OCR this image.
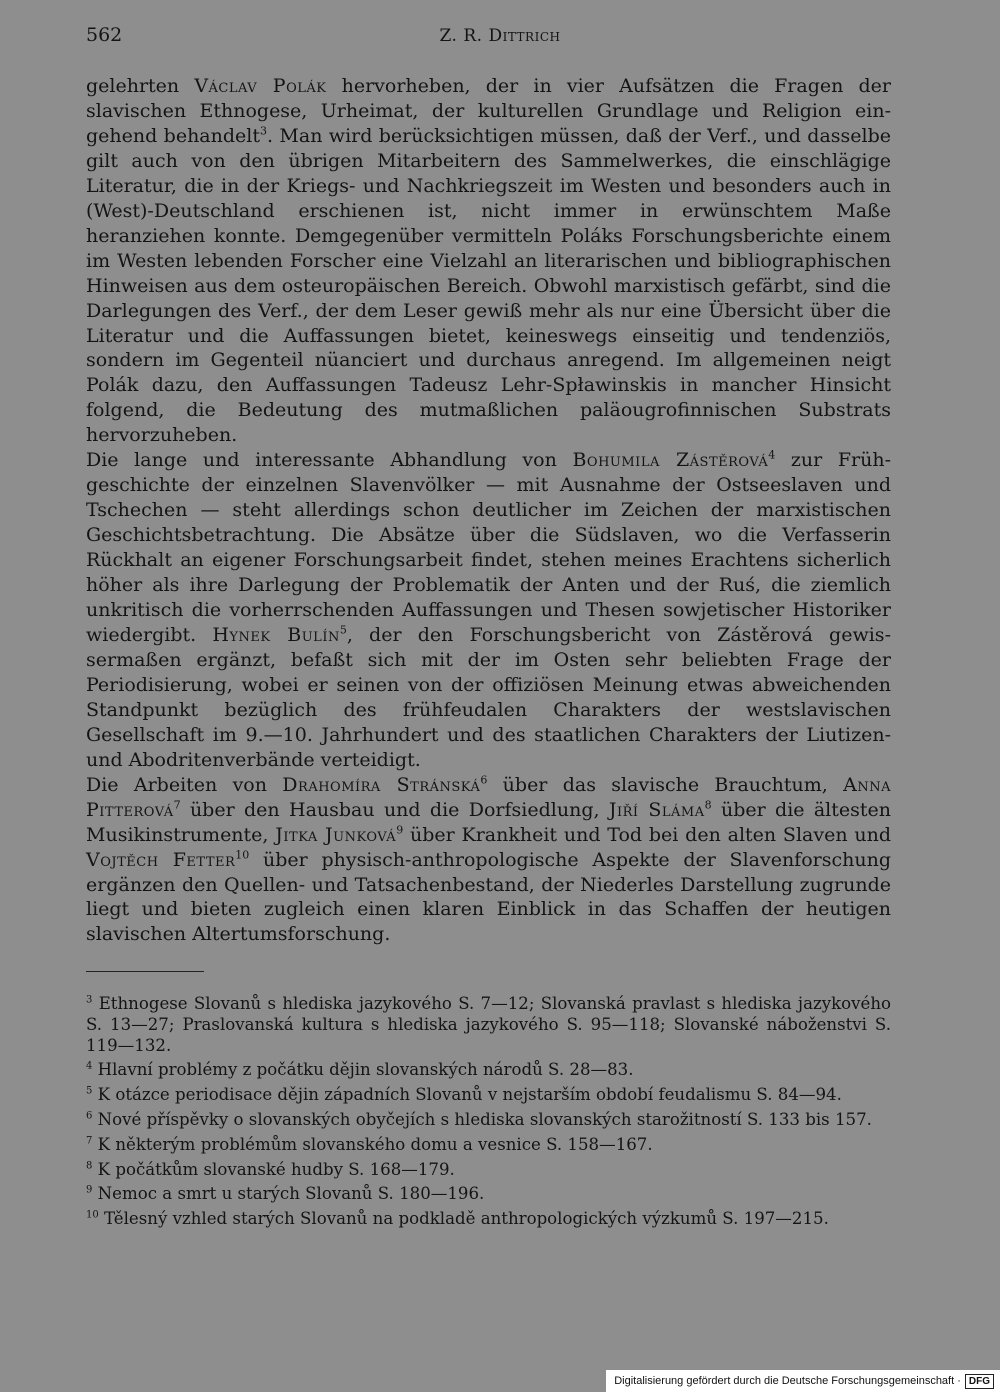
562	Z. R. Dittrich

gelehrten Václav Polák hervorheben, der in vier Aufsätzen die Fragen der slavischen Ethnogese, Urheimat, der kulturellen Grundlage und Religion eingehend behandelt$^3$. Man wird berücksichtigen müssen, daß der Verf., und dasselbe gilt auch von den übrigen Mitarbeitern des Sammelwerkes, die einschlägige Literatur, die in der Kriegs- und Nachkriegszeit im Westen und besonders auch in (West)-Deutschland erschienen ist, nicht immer in erwünschtem Maße heranziehen konnte. Demgegenüber vermitteln Poláks Forschungsberichte einem im Westen lebenden Forscher eine Vielzahl an literarischen und bibliographischen Hinweisen aus dem osteuropäischen Bereich. Obwohl marxistisch gefärbt, sind die Darlegungen des Verf., der dem Leser gewiß mehr als nur eine Übersicht über die Literatur und die Auffassungen bietet, keineswegs einseitig und tendenziös, sondern im Gegenteil nüanciert und durchaus anregend. Im allgemeinen neigt Polák dazu, den Auffassungen Tadeusz Lehr-Spławinskis in mancher Hinsicht folgend, die Bedeutung des mutmaßlichen paläougrofinnischen Substrats hervorzuheben.

Die lange und interessante Abhandlung von Bohumila Zástěrová$^4$ zur Frühgeschichte der einzelnen Slavenvölker — mit Ausnahme der Ostseeslaven und Tschechen — steht allerdings schon deutlicher im Zeichen der marxistischen Geschichtsbetrachtung. Die Absätze über die Südslaven, wo die Verfasserin Rückhalt an eigener Forschungsarbeit findet, stehen meines Erachtens sicherlich höher als ihre Darlegung der Problematik der Anten und der Ruś, die ziemlich unkritisch die vorherrschenden Auffassungen und Thesen sowjetischer Historiker wiedergibt. Hynek Bulín$^5$, der den Forschungsbericht von Zástěrová gewissermaßen ergänzt, befaßt sich mit der im Osten sehr beliebten Frage der Periodisierung, wobei er seinen von der offiziösen Meinung etwas abweichenden Standpunkt bezüglich des frühfeudalen Charakters der westslavischen Gesellschaft im 9.—10. Jahrhundert und des staatlichen Charakters der Liutizen- und Abodritenverbände verteidigt.

Die Arbeiten von Drahomíra Stránská$^6$ über das slavische Brauchtum, Anna Pitterová$^7$ über den Hausbau und die Dorfsiedlung, Jiří Sláma$^8$ über die ältesten Musikinstrumente, Jitka Junková$^9$ über Krankheit und Tod bei den alten Slaven und Vojtěch Fetter$^{10}$ über physisch-anthropologische Aspekte der Slavenforschung ergänzen den Quellen- und Tatsachenbestand, der Niederles Darstellung zugrunde liegt und bieten zugleich einen klaren Einblick in das Schaffen der heutigen slavischen Altertumsforschung.

$^3$ Ethnogese Slovanů s hlediska jazykového S. 7—12; Slovanská pravlast s hlediska jazykového S. 13—27; Praslovanská kultura s hlediska jazykového S. 95—118; Slovanské náboženstvi S. 119—132.

$^4$ Hlavní problémy z počátku dějin slovanských národů S. 28—83.

$^5$ K otázce periodisace dějin západních Slovanů v nejstarším období feudalismu S. 84—94.

$^6$ Nové příspěvky o slovanských obyčejích s hlediska slovanských starožitností S. 133 bis 157.

$^7$ K některým problémům slovanského domu a vesnice S. 158—167.

$^8$ K počátkům slovanské hudby S. 168—179.

$^9$ Nemoc a smrt u starých Slovanů S. 180—196.

$^{10}$ Tělesný vzhled starých Slovanů na podkladě anthropologických výzkumů S. 197—215.

Digitalisierung gefördert durch die Deutsche Forschungsgemeinschaft · DFG
